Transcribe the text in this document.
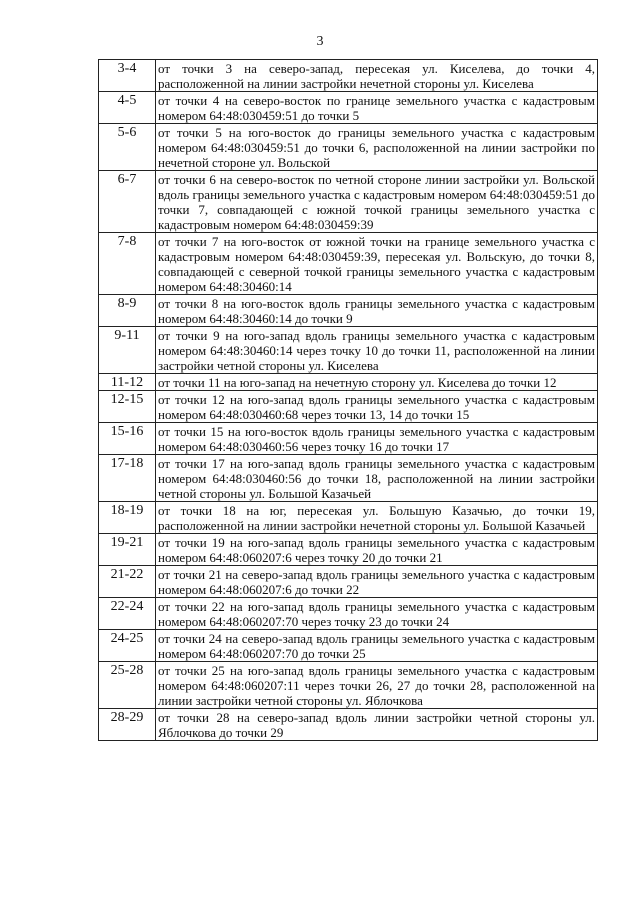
3
3-4	от точки 3 на северо-запад, пересекая ул. Киселева, до точки 4, расположенной на линии застройки нечетной стороны ул. Киселева
4-5	от точки 4 на северо-восток по границе земельного участка с кадастровым номером 64:48:030459:51 до точки 5
5-6	от точки 5 на юго-восток до границы земельного участка с кадастровым номером 64:48:030459:51 до точки 6, расположенной на линии застройки по нечетной стороне ул. Вольской
6-7	от точки 6 на северо-восток по четной стороне линии застройки ул. Вольской вдоль границы земельного участка с кадастровым номером 64:48:030459:51 до точки 7, совпадающей с южной точкой границы земельного участка с кадастровым номером 64:48:030459:39
7-8	от точки 7 на юго-восток от южной точки на границе земельного участка с кадастровым номером 64:48:030459:39, пересекая ул. Вольскую, до точки 8, совпадающей с северной точкой границы земельного участка с кадастровым номером 64:48:30460:14
8-9	от точки 8 на юго-восток вдоль границы земельного участка с кадастровым номером 64:48:30460:14 до точки 9
9-11	от точки 9 на юго-запад вдоль границы земельного участка с кадастровым номером 64:48:30460:14 через точку 10 до точки 11, расположенной на линии застройки четной стороны ул. Киселева
11-12	от точки 11 на юго-запад на нечетную сторону ул. Киселева до точки 12
12-15	от точки 12 на юго-запад вдоль границы земельного участка с кадастровым номером 64:48:030460:68 через точки 13, 14 до точки 15
15-16	от точки 15 на юго-восток вдоль границы земельного участка с кадастровым номером 64:48:030460:56 через точку 16 до точки 17
17-18	от точки 17 на юго-запад вдоль границы земельного участка с кадастровым номером 64:48:030460:56 до точки 18, расположенной на линии застройки четной стороны ул. Большой Казачьей
18-19	от точки 18 на юг, пересекая ул. Большую Казачью, до точки 19, расположенной на линии застройки нечетной стороны ул. Большой Казачьей
19-21	от точки 19 на юго-запад вдоль границы земельного участка с кадастровым номером 64:48:060207:6 через точку 20 до точки 21
21-22	от точки 21 на северо-запад вдоль границы земельного участка с кадастровым номером 64:48:060207:6 до точки 22
22-24	от точки 22 на юго-запад вдоль границы земельного участка с кадастровым номером 64:48:060207:70 через точку 23 до точки 24
24-25	от точки 24 на северо-запад вдоль границы земельного участка с кадастровым номером 64:48:060207:70 до точки 25
25-28	от точки 25 на юго-запад вдоль границы земельного участка с кадастровым номером 64:48:060207:11 через точки 26, 27 до точки 28, расположенной на линии застройки четной стороны ул. Яблочкова
28-29	от точки 28 на северо-запад вдоль линии застройки четной стороны ул. Яблочкова до точки 29
